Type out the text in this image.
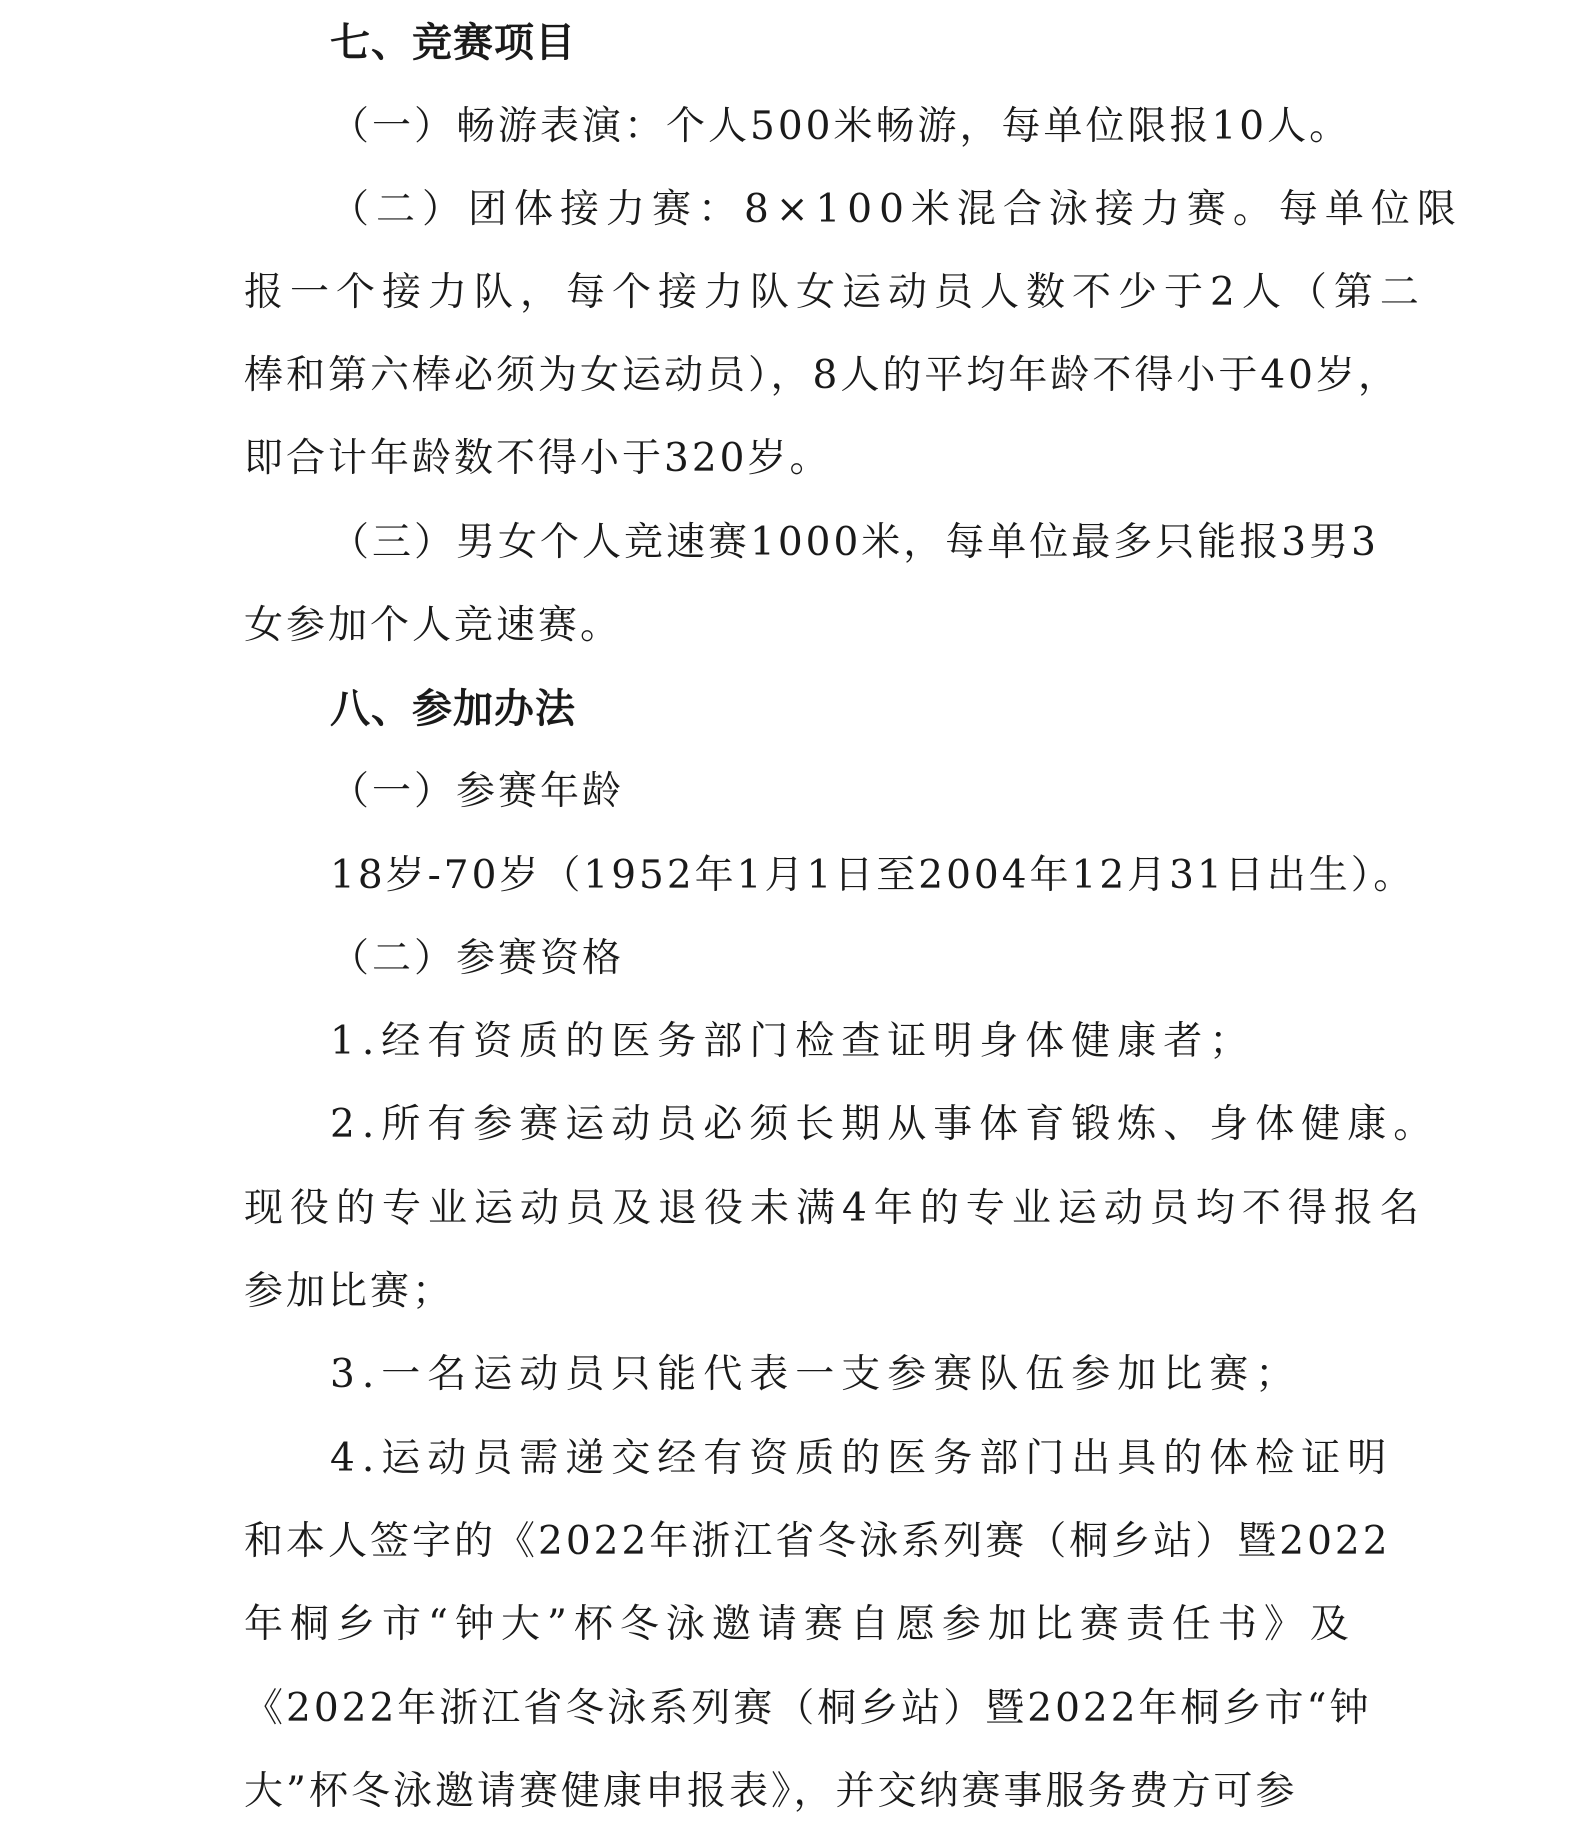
七、竞赛项目
（一）畅游表演：个人500米畅游，每单位限报10人。
（二）团体接力赛：8×100米混合泳接力赛。每单位限
报一个接力队，每个接力队女运动员人数不少于2人（第二
棒和第六棒必须为女运动员），8人的平均年龄不得小于40岁，
即合计年龄数不得小于320岁。
（三）男女个人竞速赛1000米，每单位最多只能报3男3
女参加个人竞速赛。
八、参加办法
（一）参赛年龄
18岁-70岁（1952年1月1日至2004年12月31日出生）。
（二）参赛资格
1.经有资质的医务部门检查证明身体健康者；
2.所有参赛运动员必须长期从事体育锻炼、身体健康。
现役的专业运动员及退役未满4年的专业运动员均不得报名
参加比赛；
3.一名运动员只能代表一支参赛队伍参加比赛；
4.运动员需递交经有资质的医务部门出具的体检证明
和本人签字的《2022年浙江省冬泳系列赛（桐乡站）暨2022
年桐乡市“钟大”杯冬泳邀请赛自愿参加比赛责任书》及
《2022年浙江省冬泳系列赛（桐乡站）暨2022年桐乡市“钟
大”杯冬泳邀请赛健康申报表》，并交纳赛事服务费方可参
